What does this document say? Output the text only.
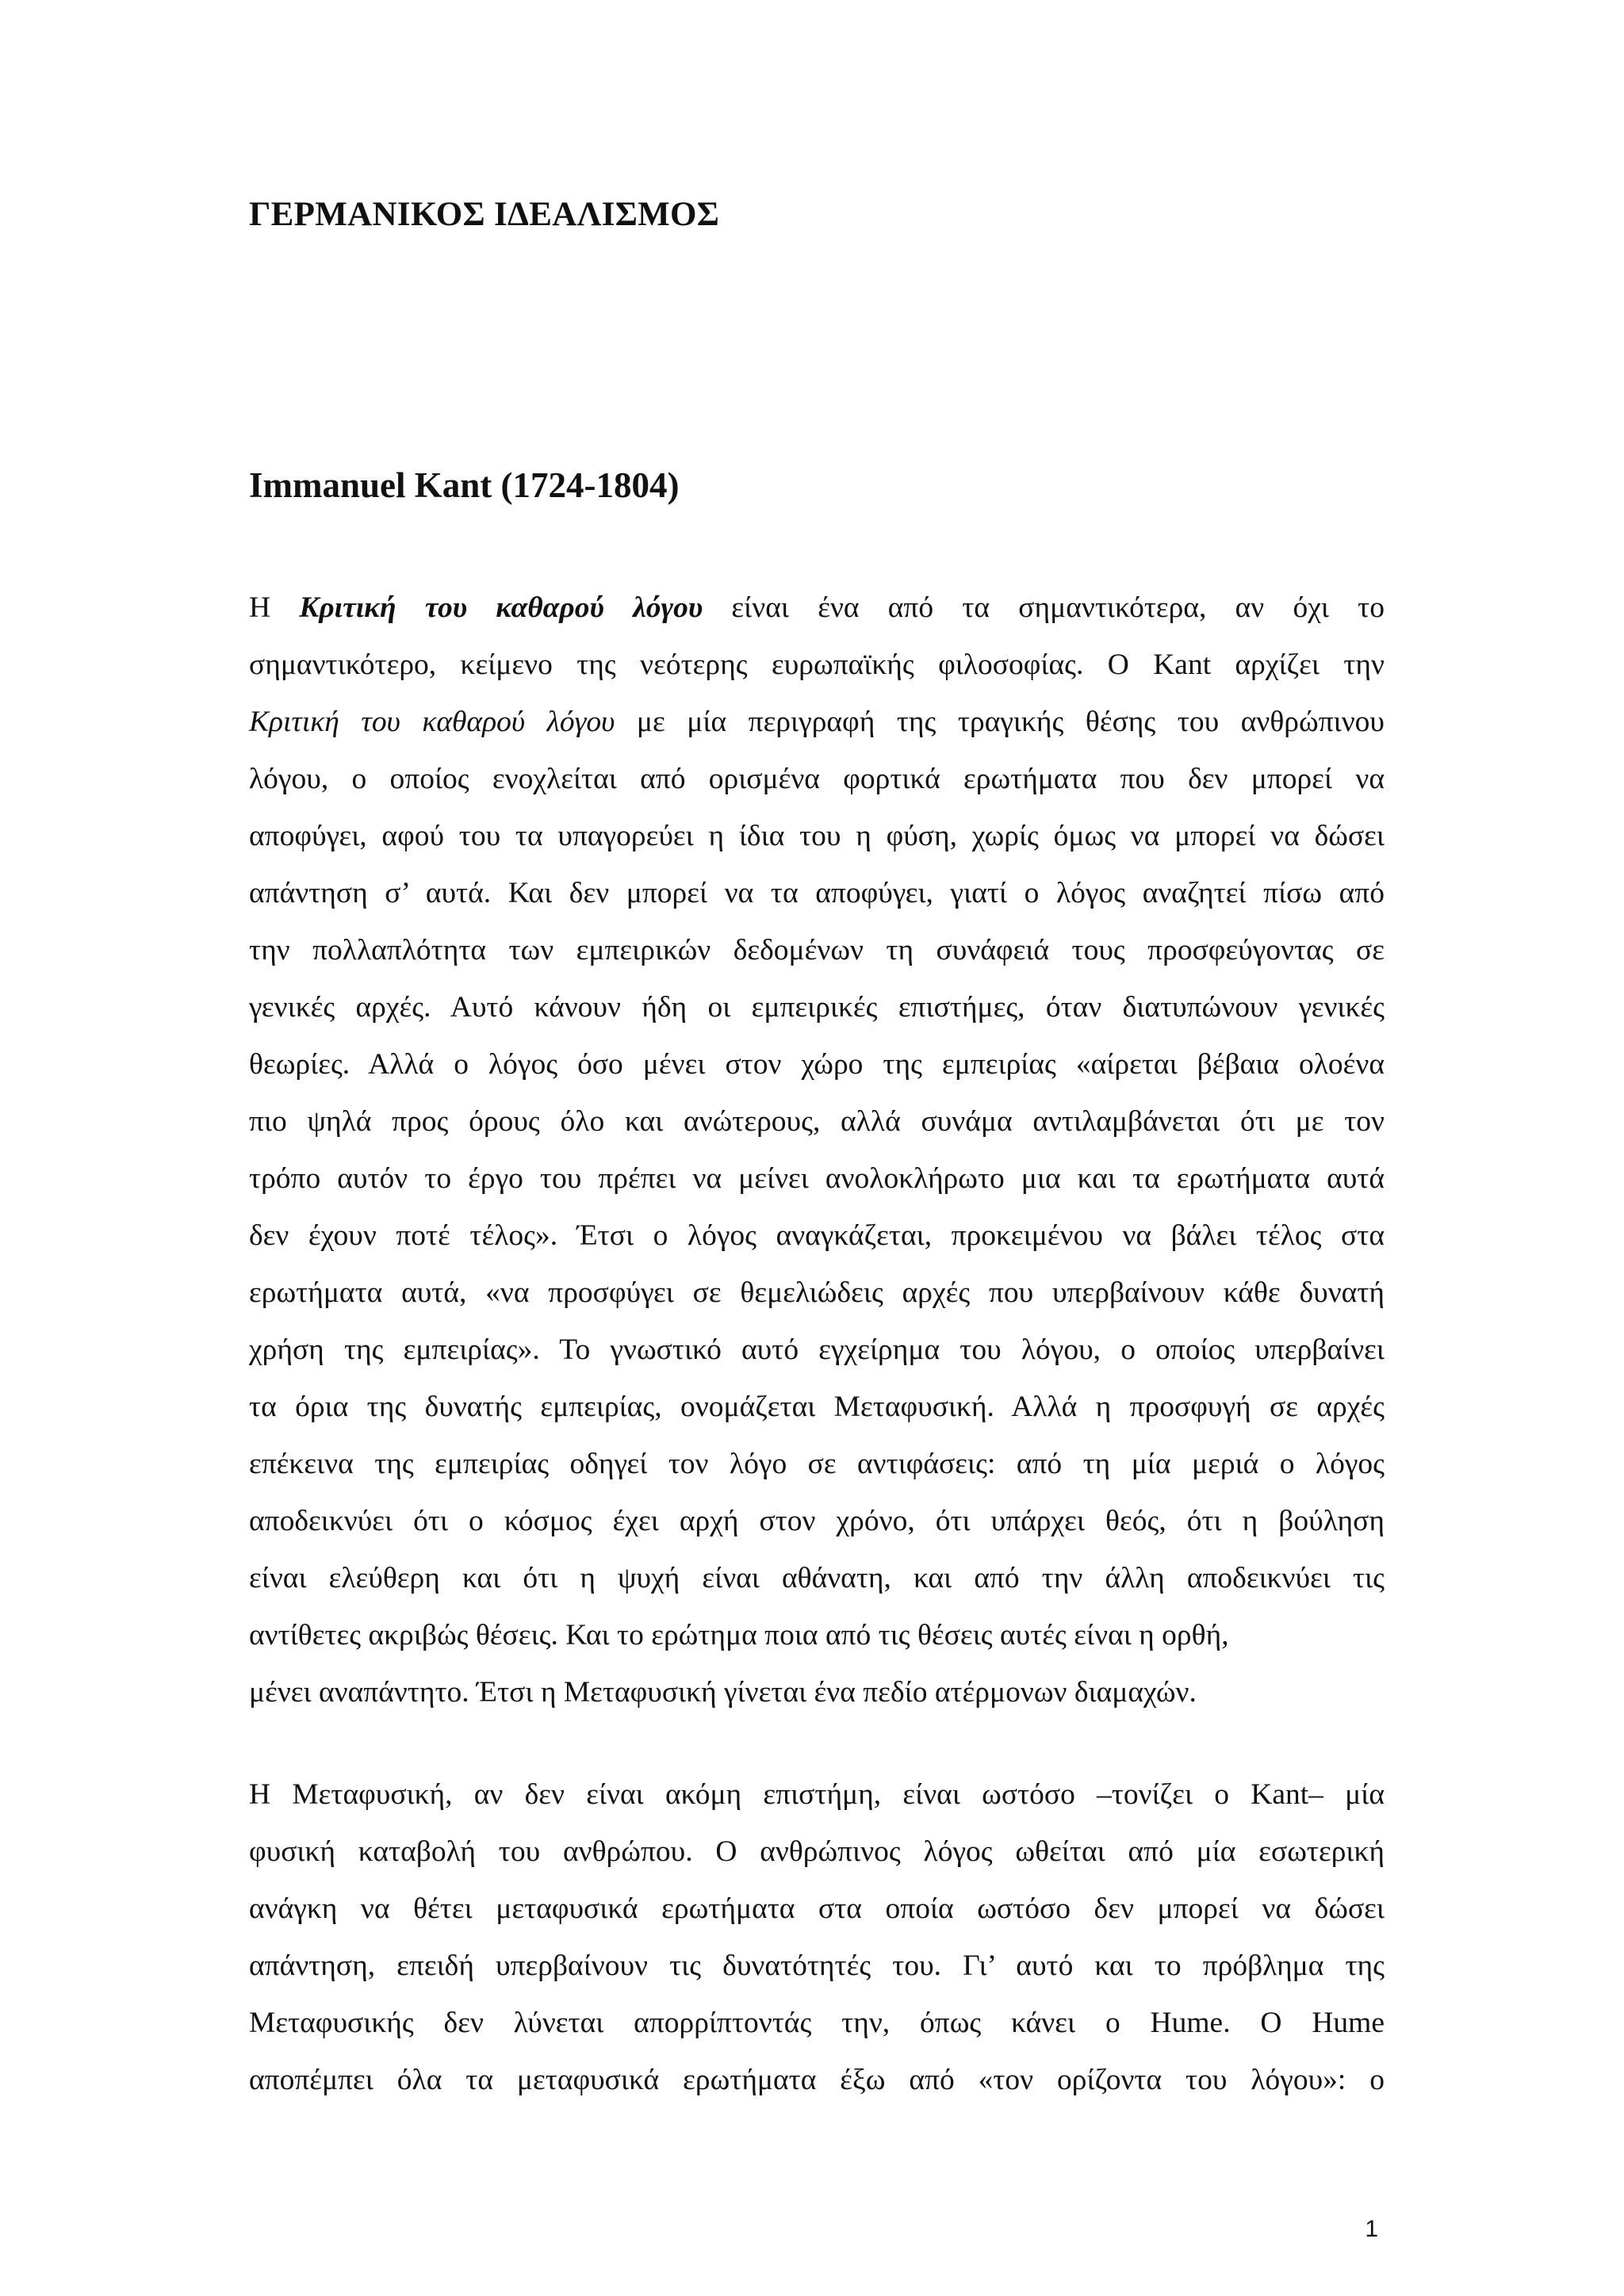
ΓΕΡΜΑΝΙΚΟΣ ΙΔΕΑΛΙΣΜΟΣ
Immanuel Kant (1724-1804)
Η Κριτική του καθαρού λόγου είναι ένα από τα σημαντικότερα, αν όχι το
σημαντικότερο, κείμενο της νεότερης ευρωπαϊκής φιλοσοφίας. Ο Kant αρχίζει την
Κριτική του καθαρού λόγου με μία περιγραφή της τραγικής θέσης του ανθρώπινου
λόγου, ο οποίος ενοχλείται από ορισμένα φορτικά ερωτήματα που δεν μπορεί να
αποφύγει, αφού του τα υπαγορεύει η ίδια του η φύση, χωρίς όμως να μπορεί να δώσει
απάντηση σ’ αυτά. Και δεν μπορεί να τα αποφύγει, γιατί ο λόγος αναζητεί πίσω από
την πολλαπλότητα των εμπειρικών δεδομένων τη συνάφειά τους προσφεύγοντας σε
γενικές αρχές. Αυτό κάνουν ήδη οι εμπειρικές επιστήμες, όταν διατυπώνουν γενικές
θεωρίες. Αλλά ο λόγος όσο μένει στον χώρο της εμπειρίας «αίρεται βέβαια ολοένα
πιο ψηλά προς όρους όλο και ανώτερους, αλλά συνάμα αντιλαμβάνεται ότι με τον
τρόπο αυτόν το έργο του πρέπει να μείνει ανολοκλήρωτο μια και τα ερωτήματα αυτά
δεν έχουν ποτέ τέλος». Έτσι ο λόγος αναγκάζεται, προκειμένου να βάλει τέλος στα
ερωτήματα αυτά, «να προσφύγει σε θεμελιώδεις αρχές που υπερβαίνουν κάθε δυνατή
χρήση της εμπειρίας». Το γνωστικό αυτό εγχείρημα του λόγου, ο οποίος υπερβαίνει
τα όρια της δυνατής εμπειρίας, ονομάζεται Μεταφυσική. Αλλά η προσφυγή σε αρχές
επέκεινα της εμπειρίας οδηγεί τον λόγο σε αντιφάσεις: από τη μία μεριά ο λόγος
αποδεικνύει ότι ο κόσμος έχει αρχή στον χρόνο, ότι υπάρχει θεός, ότι η βούληση
είναι ελεύθερη και ότι η ψυχή είναι αθάνατη, και από την άλλη αποδεικνύει τις
αντίθετες ακριβώς θέσεις. Και το ερώτημα ποια από τις θέσεις αυτές είναι η ορθή,
μένει αναπάντητο. Έτσι η Μεταφυσική γίνεται ένα πεδίο ατέρμονων διαμαχών.
Η Μεταφυσική, αν δεν είναι ακόμη επιστήμη, είναι ωστόσο –τονίζει ο Kant– μία
φυσική καταβολή του ανθρώπου. Ο ανθρώπινος λόγος ωθείται από μία εσωτερική
ανάγκη να θέτει μεταφυσικά ερωτήματα στα οποία ωστόσο δεν μπορεί να δώσει
απάντηση, επειδή υπερβαίνουν τις δυνατότητές του. Γι’ αυτό και το πρόβλημα της
Μεταφυσικής δεν λύνεται απορρίπτοντάς την, όπως κάνει ο Hume. Ο Hume
αποπέμπει όλα τα μεταφυσικά ερωτήματα έξω από «τον ορίζοντα του λόγου»: ο
1
